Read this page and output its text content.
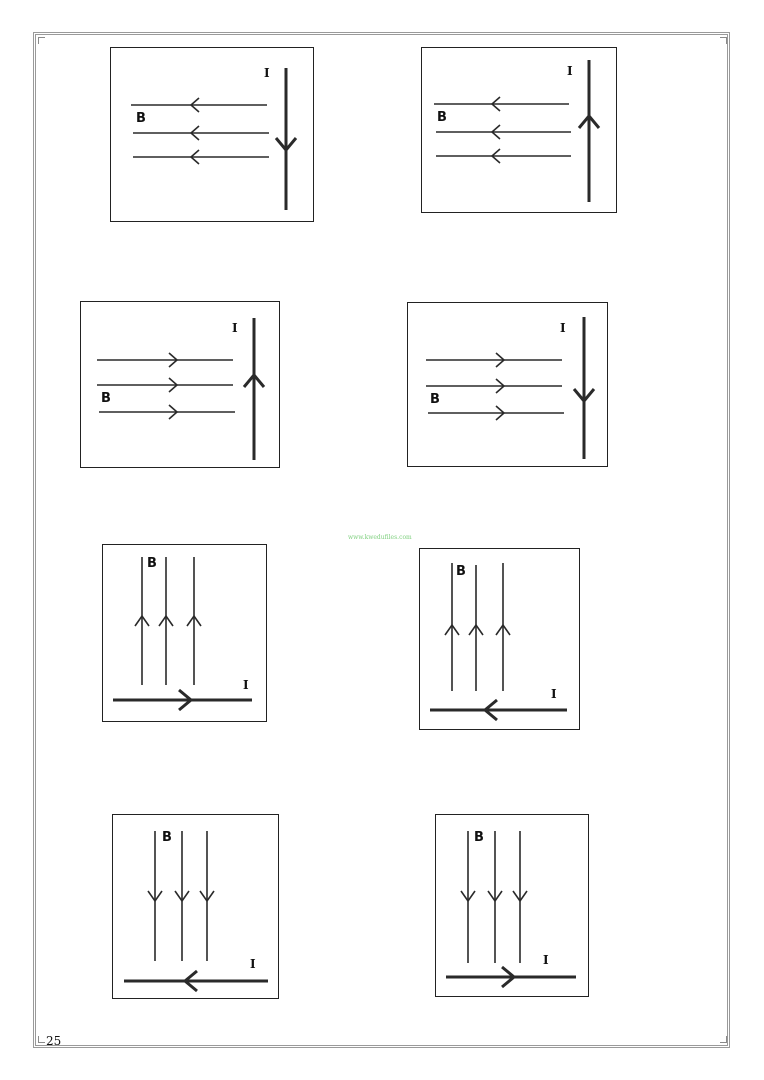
B
I
B
I
B
I
B
I
B
I
B
I
B
I
B
I
www.kwedufiles.com
25
